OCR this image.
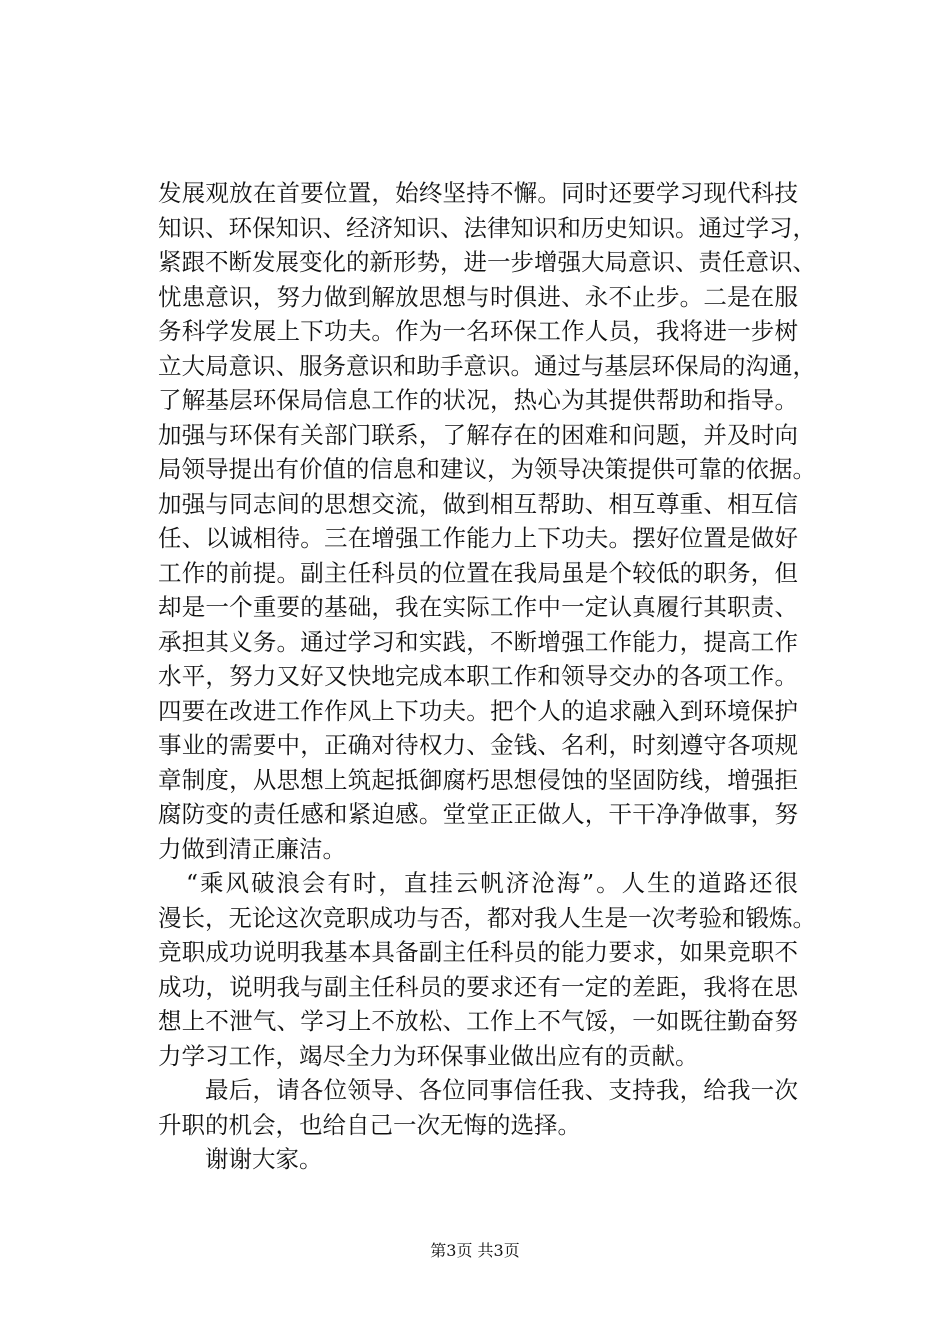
发展观放在首要位置，始终坚持不懈。同时还要学习现代科技
知识、环保知识、经济知识、法律知识和历史知识。通过学习，
紧跟不断发展变化的新形势，进一步增强大局意识、责任意识、
忧患意识，努力做到解放思想与时俱进、永不止步。二是在服
务科学发展上下功夫。作为一名环保工作人员，我将进一步树
立大局意识、服务意识和助手意识。通过与基层环保局的沟通，
了解基层环保局信息工作的状况，热心为其提供帮助和指导。
加强与环保有关部门联系，了解存在的困难和问题，并及时向
局领导提出有价值的信息和建议，为领导决策提供可靠的依据。
加强与同志间的思想交流，做到相互帮助、相互尊重、相互信
任、以诚相待。三在增强工作能力上下功夫。摆好位置是做好
工作的前提。副主任科员的位置在我局虽是个较低的职务，但
却是一个重要的基础，我在实际工作中一定认真履行其职责、
承担其义务。通过学习和实践，不断增强工作能力，提高工作
水平，努力又好又快地完成本职工作和领导交办的各项工作。
四要在改进工作作风上下功夫。把个人的追求融入到环境保护
事业的需要中，正确对待权力、金钱、名利，时刻遵守各项规
章制度，从思想上筑起抵御腐朽思想侵蚀的坚固防线，增强拒
腐防变的责任感和紧迫感。堂堂正正做人，干干净净做事，努
力做到清正廉洁。
“乘风破浪会有时，直挂云帆济沧海”。人生的道路还很
漫长，无论这次竞职成功与否，都对我人生是一次考验和锻炼。
竞职成功说明我基本具备副主任科员的能力要求，如果竞职不
成功，说明我与副主任科员的要求还有一定的差距，我将在思
想上不泄气、学习上不放松、工作上不气馁，一如既往勤奋努
力学习工作，竭尽全力为环保事业做出应有的贡献。
最后，请各位领导、各位同事信任我、支持我，给我一次
升职的机会，也给自己一次无悔的选择。
谢谢大家。
第3页 共3页
